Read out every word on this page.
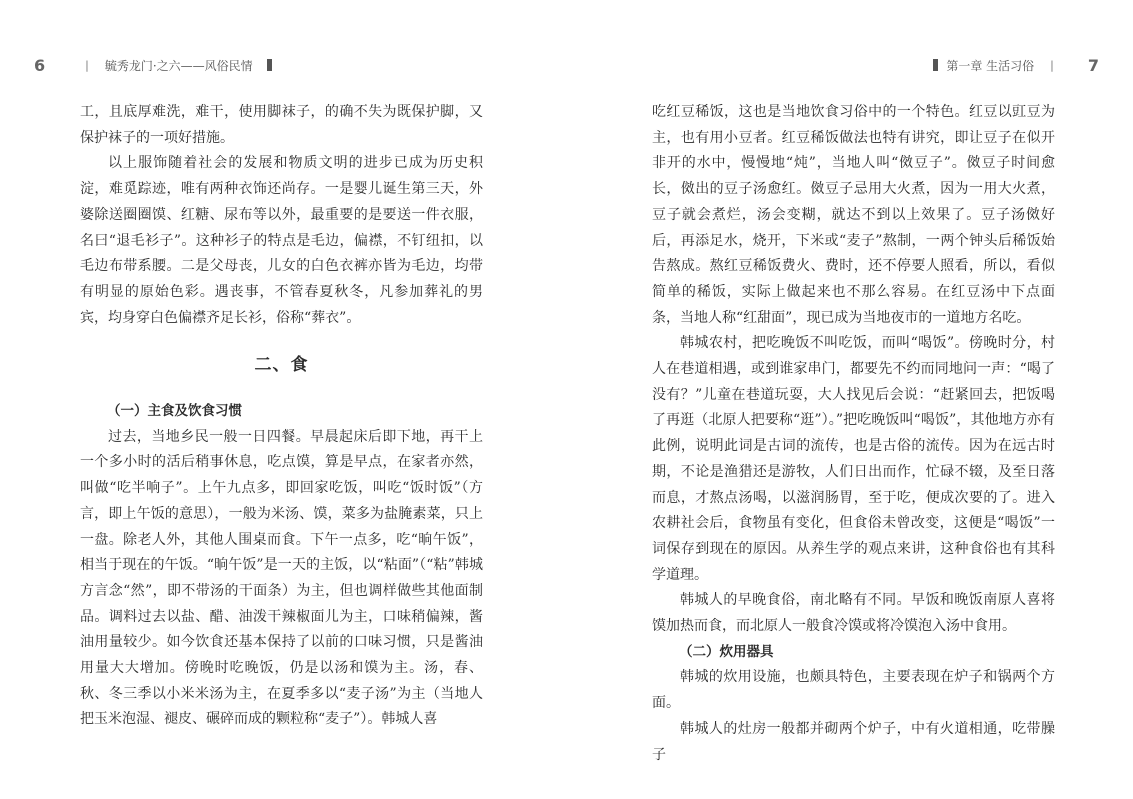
6	| 毓秀龙门·之六——风俗民情	第一章 生活习俗 | 7

工，且底厚难洗，难干，使用脚袜子，的确不失为既保护脚，又保护袜子的一项好措施。

以上服饰随着社会的发展和物质文明的进步已成为历史积淀，难觅踪迹，唯有两种衣饰还尚存。一是婴儿诞生第三天，外婆除送圈圈馍、红糖、尿布等以外，最重要的是要送一件衣服，名曰“退毛衫子”。这种衫子的特点是毛边，偏襟，不钉纽扣，以毛边布带系腰。二是父母丧，儿女的白色衣裤亦皆为毛边，均带有明显的原始色彩。遇丧事，不管春夏秋冬，凡参加葬礼的男宾，均身穿白色偏襟齐足长衫，俗称“葬衣”。

二、食
（一）主食及饮食习惯

过去，当地乡民一般一日四餐。早晨起床后即下地，再干上一个多小时的活后稍事休息，吃点馍，算是早点，在家者亦然，叫做“吃半响子”。上午九点多，即回家吃饭，叫吃“饭时饭”（方言，即上午饭的意思），一般为米汤、馍，菜多为盐腌素菜，只上一盘。除老人外，其他人围桌而食。下午一点多，吃“晌午饭”，相当于现在的午饭。“晌午饭”是一天的主饭，以“粘面”（“粘”韩城方言念“然”，即不带汤的干面条）为主，但也调样做些其他面制品。调料过去以盐、醋、油泼干辣椒面儿为主，口味稍偏辣，酱油用量较少。如今饮食还基本保持了以前的口味习惯，只是酱油用量大大增加。傍晚时吃晚饭，仍是以汤和馍为主。汤，春、秋、冬三季以小米米汤为主，在夏季多以“麦子汤”为主（当地人把玉米泡湿、褪皮、碾碎而成的颗粒称“麦子”）。韩城人喜

吃红豆稀饭，这也是当地饮食习俗中的一个特色。红豆以豇豆为主，也有用小豆者。红豆稀饭做法也特有讲究，即让豆子在似开非开的水中，慢慢地“炖”，当地人叫“傚豆子”。傚豆子时间愈长，傚出的豆子汤愈红。傚豆子忌用大火煮，因为一用大火煮，豆子就会煮烂，汤会变糊，就达不到以上效果了。豆子汤傚好后，再添足水，烧开，下米或“麦子”熬制，一两个钟头后稀饭始告熬成。熬红豆稀饭费火、费时，还不停要人照看，所以，看似简单的稀饭，实际上做起来也不那么容易。在红豆汤中下点面条，当地人称“红甜面”，现已成为当地夜市的一道地方名吃。

韩城农村，把吃晚饭不叫吃饭，而叫“喝饭”。傍晚时分，村人在巷道相遇，或到谁家串门，都要先不约而同地问一声：“喝了没有？”儿童在巷道玩耍，大人找见后会说：“赶紧回去，把饭喝了再逛（北原人把要称“逛”）。”把吃晚饭叫“喝饭”，其他地方亦有此例，说明此词是古词的流传，也是古俗的流传。因为在远古时期，不论是渔猎还是游牧，人们日出而作，忙碌不辍，及至日落而息，才熬点汤喝，以滋润肠胃，至于吃，便成次要的了。进入农耕社会后，食物虽有变化，但食俗未曾改变，这便是“喝饭”一词保存到现在的原因。从养生学的观点来讲，这种食俗也有其科学道理。

韩城人的早晚食俗，南北略有不同。早饭和晚饭南原人喜将馍加热而食，而北原人一般食冷馍或将冷馍泡入汤中食用。

（二）炊用器具

韩城的炊用设施，也颇具特色，主要表现在炉子和锅两个方面。

韩城人的灶房一般都并砌两个炉子，中有火道相通，吃带臊子
